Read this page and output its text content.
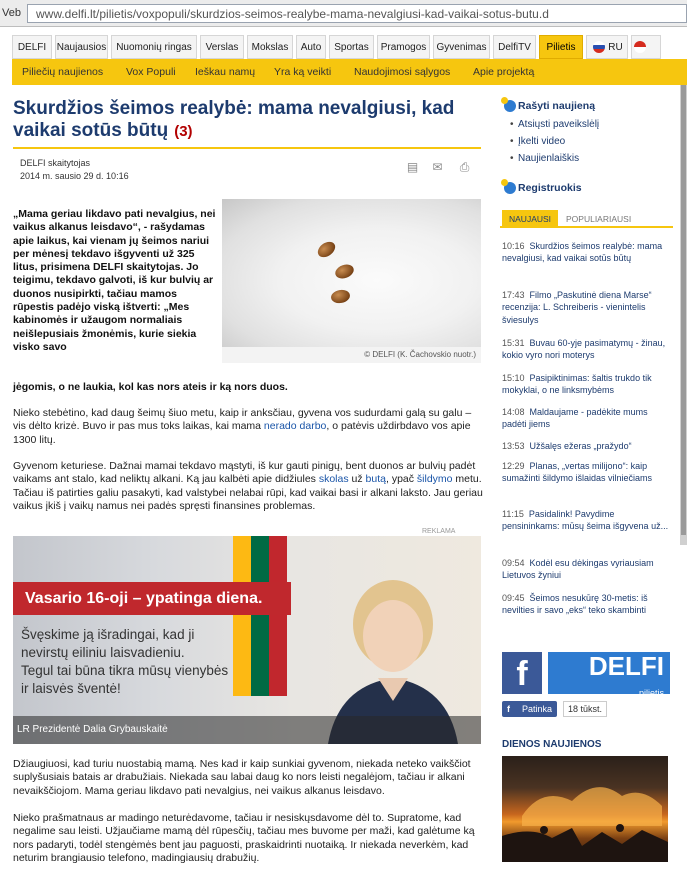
Veb	www.delfi.lt/pilietis/voxpopuli/skurdzios-seimos-realybe-mama-nevalgiusi-kad-vaikai-sotus-butu.d
DELFI	Naujausios Nuomonių ringas	Verslas	Mokslas	Auto	Sportas	Pramogos	Gyvenimas	DelfiTV	Pilietis	RU
Piliečių naujienos Vox Populi Ieškau namų Yra ką veikti Naudojimosi sąlygos Apie projektą
Skurdžios šeimos realybė: mama nevalgiusi, kad vaikai sotūs būtų (3)
DELFI skaitytojas
2014 m. sausio 29 d. 10:16
▤ ✉	⎙
© DELFI (K. Čachovskio nuotr.)

„Mama geriau likdavo pati nevalgius, nei vaikus alkanus leisdavo“, - rašydamas apie laikus, kai vienam jų šeimos nariui per mėnesį tekdavo išgyventi už 325 litus, prisimena DELFI skaitytojas. Jo teigimu, tekdavo galvoti, iš kur bulvių ar duonos nusipirkti, tačiau mamos rūpestis padėjo viską ištverti: „Mes kabinomės ir užaugom normaliais neišlepusiais žmonėmis, kurie siekia visko savo

jėgomis, o ne laukia, kol kas nors ateis ir ką nors duos.

Nieko stebėtino, kad daug šeimų šiuo metu, kaip ir anksčiau, gyvena vos sudurdami galą su galu – vis dėlto krizė. Buvo ir pas mus toks laikas, kai mama nerado darbo, o patėvis uždirbdavo vos apie 1300 litų.

Gyvenom keturiese. Dažnai mamai tekdavo mąstyti, iš kur gauti pinigų, bent duonos ar bulvių padėt vaikams ant stalo, kad neliktų alkani. Ką jau kalbėti apie didžiules skolas už butą, ypač šildymo metu. Tačiau iš patirties galiu pasakyti, kad valstybei nelabai rūpi, kad vaikai basi ir alkani laksto. Jau geriau vaikus įkiš į vaikų namus nei padės spręsti finansines problemas.

REKLAMA
Vasario 16-oji – ypatinga diena.
Švęskime ją išradingai, kad ji
nevirstų eiliniu laisvadieniu.
Tegul tai būna tikra mūsų vienybės
ir laisvės šventė!
LR Prezidentė Dalia Grybauskaitė

Džiaugiuosi, kad turiu nuostabią mamą. Nes kad ir kaip sunkiai gyvenom, niekada neteko vaikščiot suplyšusiais batais ar drabužiais. Niekada sau labai daug ko nors leisti negalėjom, tačiau ir alkani nevaikščiojom. Mama geriau likdavo pati nevalgius, nei vaikus alkanus leisdavo.

Nieko prašmatnaus ar madingo neturėdavome, tačiau ir nesiskųsdavome dėl to. Supratome, kad negalime sau leisti. Užjaučiame mamą dėl rūpesčių, tačiau mes buvome per maži, kad galėtume ką nors padaryti, todėl stengėmės bent jau paguosti, praskaidrinti nuotaiką. Ir niekada neverkėm, kad neturim brangiausio telefono, madingiausių drabužių.

Rašyti naujieną
• Atsiųsti paveikslėlį
• Įkelti video
• Naujienlaiškis
Registruokis
NAUJAUSI	POPULIARIAUSI
10:16 Skurdžios šeimos realybė: mama nevalgiusi, kad vaikai sotūs būtų
17:43 Filmo „Paskutinė diena Marse“ recenzija: L. Schreiberis - vienintelis šviesulys
15:31 Buvau 60-yje pasimatymų - žinau, kokio vyro nori moterys
15:10 Pasipiktinimas: šaltis trukdo tik mokyklai, o ne linksmybėms
14:08 Maldaujame - padėkite mums padėti jiems
13:53 Užšalęs ežeras „pražydo“
12:29 Planas, „vertas milijono“: kaip sumažinti šildymo išlaidas vilniečiams
11:15 Pasidalink! Pavydime pensininkams: mūsų šeima išgyvena už...
09:54 Kodėl esu dėkingas vyriausiam Lietuvos žyniui
09:45 Šeimos nesukūrę 30-metis: iš nevilties ir savo „eks“ teko skambinti
f	DELFI
pilietis
f Patinka	18 tūkst.
DIENOS NAUJIENOS
